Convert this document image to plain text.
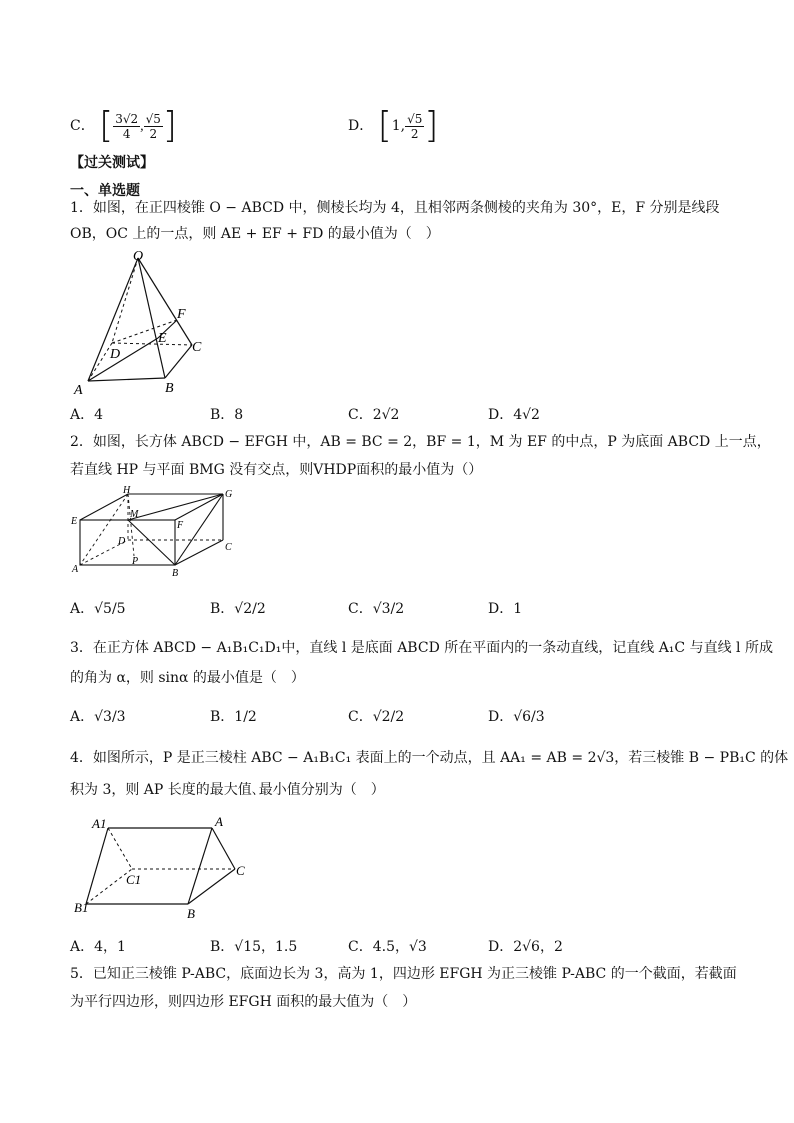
C． [ $\frac{3√2}{4}$ , $\frac{√5}{2}$ ]	D． [1, $\frac{√5}{2}$ ]
【过关测试】
一、单选题
1．如图，在正四棱锥 O − ABCD 中，侧棱长均为 4，且相邻两条侧棱的夹角为 30°，E，F 分别是线段
OB，OC 上的一点，则 AE + EF + FD 的最小值为（　）
O
F
E
D	C
A	B
A．4	B．8	C．2√2	D．4√2
2．如图，长方体 ABCD − EFGH 中，AB = BC = 2，BF = 1，M 为 EF 的中点，P 为底面 ABCD 上一点，
若直线 HP 与平面 BMG 没有交点，则VHDP面积的最小值为（）
H	G
E
M
F
D
C
A
P
B
A．√5/5	B．√2/2	C．√3/2	D．1
3．在正方体 ABCD − A₁B₁C₁D₁中，直线 l 是底面 ABCD 所在平面内的一条动直线，记直线 A₁C 与直线 l 所成
的角为 α，则 sinα 的最小值是（　）
A．√3/3	B．1/2	C．√2/2	D．√6/3
4．如图所示，P 是正三棱柱 ABC − A₁B₁C₁ 表面上的一个动点，且 AA₁ = AB = 2√3，若三棱锥 B − PB₁C 的体
积为 3，则 AP 长度的最大值､最小值分别为（　）
A1	A
C1
C
B1	B
A．4，1	B．√15，1.5	C．4.5，√3	D．2√6，2
5．已知正三棱锥 P-ABC，底面边长为 3，高为 1，四边形 EFGH 为正三棱锥 P-ABC 的一个截面，若截面
为平行四边形，则四边形 EFGH 面积的最大值为（　）
